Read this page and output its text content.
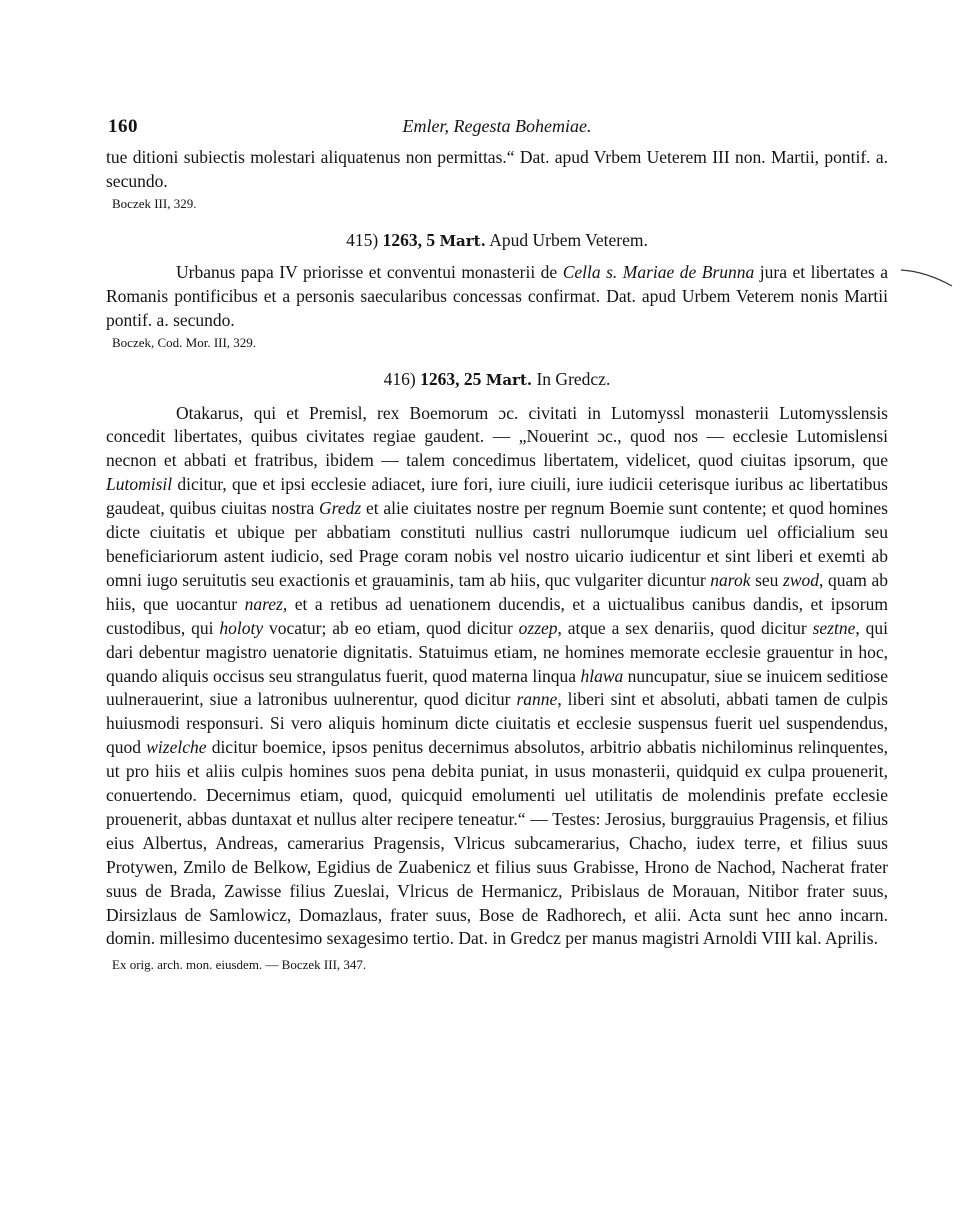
160	Emler, Regesta Bohemiae.

tue ditioni subiectis molestari aliquatenus non permittas.“ Dat. apud Vrbem Ueterem III non. Martii, pontif. a. secundo.

Boczek III, 329.

415) 1263, 5 Mart. Apud Urbem Veterem.

Urbanus papa IV priorisse et conventui monasterii de Cella s. Mariae de Brunna jura et libertates a Romanis pontificibus et a personis saecularibus concessas confirmat. Dat. apud Urbem Veterem nonis Martii pontif. a. secundo.

Boczek, Cod. Mor. III, 329.

416) 1263, 25 Mart. In Gredcz.

Otakarus, qui et Premisl, rex Boemorum ɔc. civitati in Lutomyssl monasterii Lutomysslensis concedit libertates, quibus civitates regiae gaudent. — „Nouerint ɔc., quod nos — ecclesie Lutomislensi necnon et abbati et fratribus, ibidem — talem concedimus libertatem, videlicet, quod ciuitas ipsorum, que Lutomisil dicitur, que et ipsi ecclesie adiacet, iure fori, iure ciuili, iure iudicii ceterisque iuribus ac libertatibus gaudeat, quibus ciuitas nostra Gredz et alie ciuitates nostre per regnum Boemie sunt contente; et quod homines dicte ciuitatis et ubique per abbatiam constituti nullius castri nullorumque iudicum uel officialium seu beneficiariorum astent iudicio, sed Prage coram nobis vel nostro uicario iudicentur et sint liberi et exemti ab omni iugo seruitutis seu exactionis et grauaminis, tam ab hiis, quc vulgariter dicuntur narok seu zwod, quam ab hiis, que uocantur narez, et a retibus ad uenationem ducendis, et a uictualibus canibus dandis, et ipsorum custodibus, qui holoty vocatur; ab eo etiam, quod dicitur ozzep, atque a sex denariis, quod dicitur seztne, qui dari debentur magistro uenatorie dignitatis. Statuimus etiam, ne homines memorate ecclesie grauentur in hoc, quando aliquis occisus seu strangulatus fuerit, quod materna linqua hlawa nuncupatur, siue se inuicem seditiose uulnerauerint, siue a latronibus uulnerentur, quod dicitur ranne, liberi sint et absoluti, abbati tamen de culpis huiusmodi responsuri. Si vero aliquis hominum dicte ciuitatis et ecclesie suspensus fuerit uel suspendendus, quod wizelche dicitur boemice, ipsos penitus decernimus absolutos, arbitrio abbatis nichilominus relinquentes, ut pro hiis et aliis culpis homines suos pena debita puniat, in usus monasterii, quidquid ex culpa prouenerit, conuertendo. Decernimus etiam, quod, quicquid emolumenti uel utilitatis de molendinis prefate ecclesie prouenerit, abbas duntaxat et nullus alter recipere teneatur.“ — Testes: Jerosius, burggrauius Pragensis, et filius eius Albertus, Andreas, camerarius Pragensis, Vlricus subcamerarius, Chacho, iudex terre, et filius suus Protywen, Zmilo de Belkow, Egidius de Zuabenicz et filius suus Grabisse, Hrono de Nachod, Nacherat frater suus de Brada, Zawisse filius Zueslai, Vlricus de Hermanicz, Pribislaus de Morauan, Nitibor frater suus, Dirsizlaus de Samlowicz, Domazlaus, frater suus, Bose de Radhorech, et alii. Acta sunt hec anno incarn. domin. millesimo ducentesimo sexagesimo tertio. Dat. in Gredcz per manus magistri Arnoldi VIII kal. Aprilis.

Ex orig. arch. mon. eiusdem. — Boczek III, 347.
